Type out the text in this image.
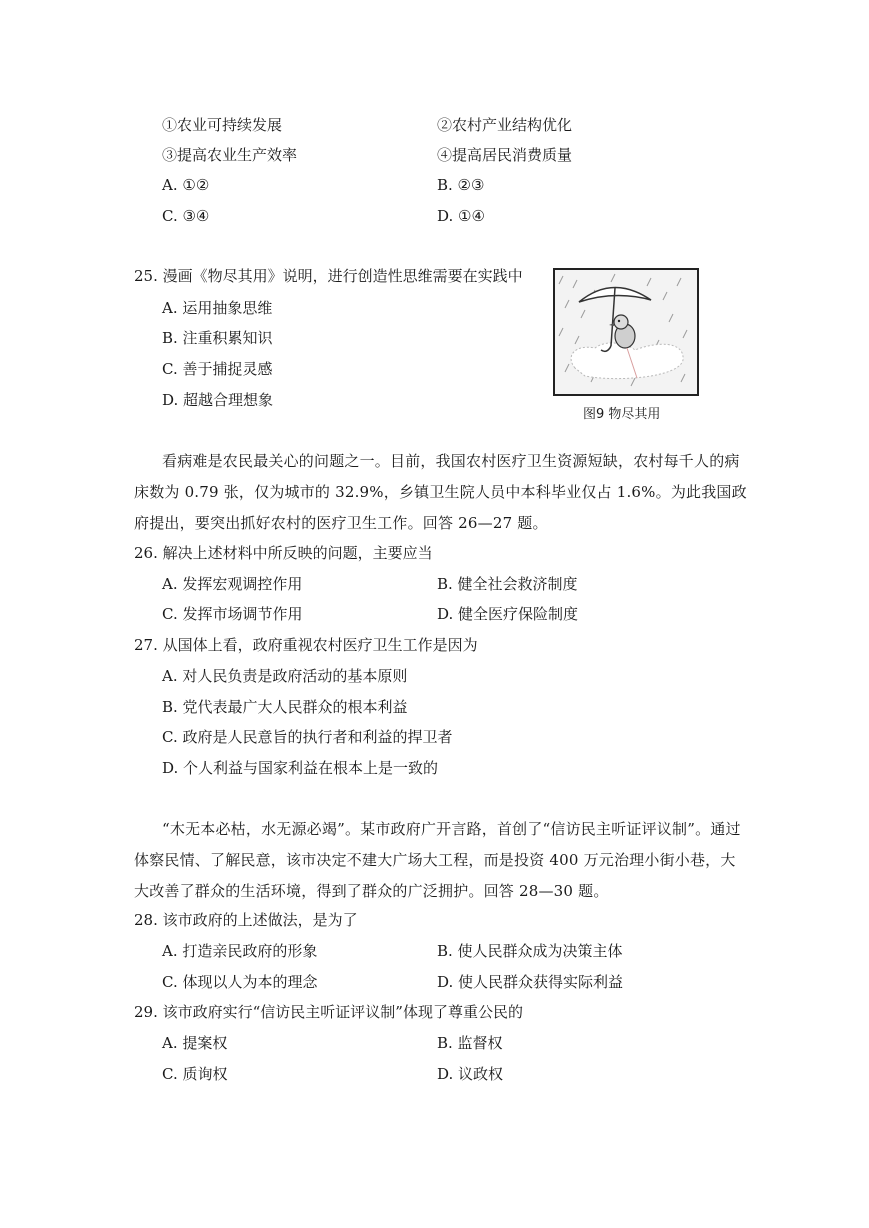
①农业可持续发展	②农村产业结构优化
③提高农业生产效率	④提高居民消费质量
A. ①②	B. ②③
C. ③④	D. ①④
25. 漫画《物尽其用》说明，进行创造性思维需要在实践中
A. 运用抽象思维
B. 注重积累知识
C. 善于捕捉灵感
D. 超越合理想象
图9 物尽其用
看病难是农民最关心的问题之一。目前，我国农村医疗卫生资源短缺，农村每千人的病床数为 0.79 张，仅为城市的 32.9%，乡镇卫生院人员中本科毕业仅占 1.6%。为此我国政府提出，要突出抓好农村的医疗卫生工作。回答 26—27 题。
26. 解决上述材料中所反映的问题，主要应当
A. 发挥宏观调控作用	B. 健全社会救济制度
C. 发挥市场调节作用	D. 健全医疗保险制度
27. 从国体上看，政府重视农村医疗卫生工作是因为
A. 对人民负责是政府活动的基本原则
B. 党代表最广大人民群众的根本利益
C. 政府是人民意旨的执行者和利益的捍卫者
D. 个人利益与国家利益在根本上是一致的
“木无本必枯，水无源必竭”。某市政府广开言路，首创了“信访民主听证评议制”。通过体察民情、了解民意，该市决定不建大广场大工程，而是投资 400 万元治理小街小巷，大大改善了群众的生活环境，得到了群众的广泛拥护。回答 28—30 题。
28. 该市政府的上述做法，是为了
A. 打造亲民政府的形象	B. 使人民群众成为决策主体
C. 体现以人为本的理念	D. 使人民群众获得实际利益
29. 该市政府实行“信访民主听证评议制”体现了尊重公民的
A. 提案权	B. 监督权
C. 质询权	D. 议政权
